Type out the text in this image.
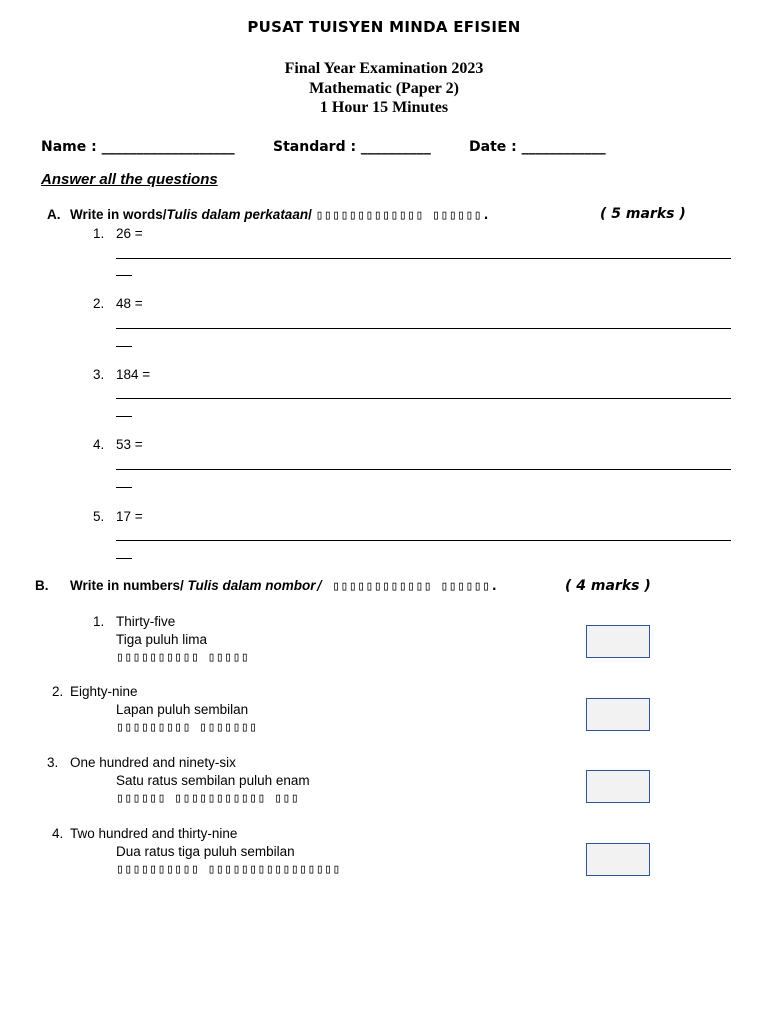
PUSAT TUISYEN MINDA EFISIEN
Final Year Examination 2023
Mathematic (Paper 2)
1 Hour 15 Minutes
Name : ___________________	Standard : __________	Date : ____________
Answer all the questions
A. Write in words/Tulis dalam perkataan/ ▯▯▯▯▯▯▯▯▯▯▯▯▯ ▯▯▯▯▯▯.	( 5 marks )
1. 26 =
2. 48 =
3. 184 =
4. 53 =
5. 17 =
B. Write in numbers/ Tulis dalam nombor/ ▯▯▯▯▯▯▯▯▯▯▯▯ ▯▯▯▯▯▯.	( 4 marks )
1. Thirty-five
Tiga puluh lima
▯▯▯▯▯▯▯▯▯▯ ▯▯▯▯▯
2. Eighty-nine
Lapan puluh sembilan
▯▯▯▯▯▯▯▯▯ ▯▯▯▯▯▯▯
3. One hundred and ninety-six
Satu ratus sembilan puluh enam
▯▯▯▯▯▯ ▯▯▯▯▯▯▯▯▯▯▯ ▯▯▯
4. Two hundred and thirty-nine
Dua ratus tiga puluh sembilan
▯▯▯▯▯▯▯▯▯▯ ▯▯▯▯▯▯▯▯▯▯▯▯▯▯▯▯
